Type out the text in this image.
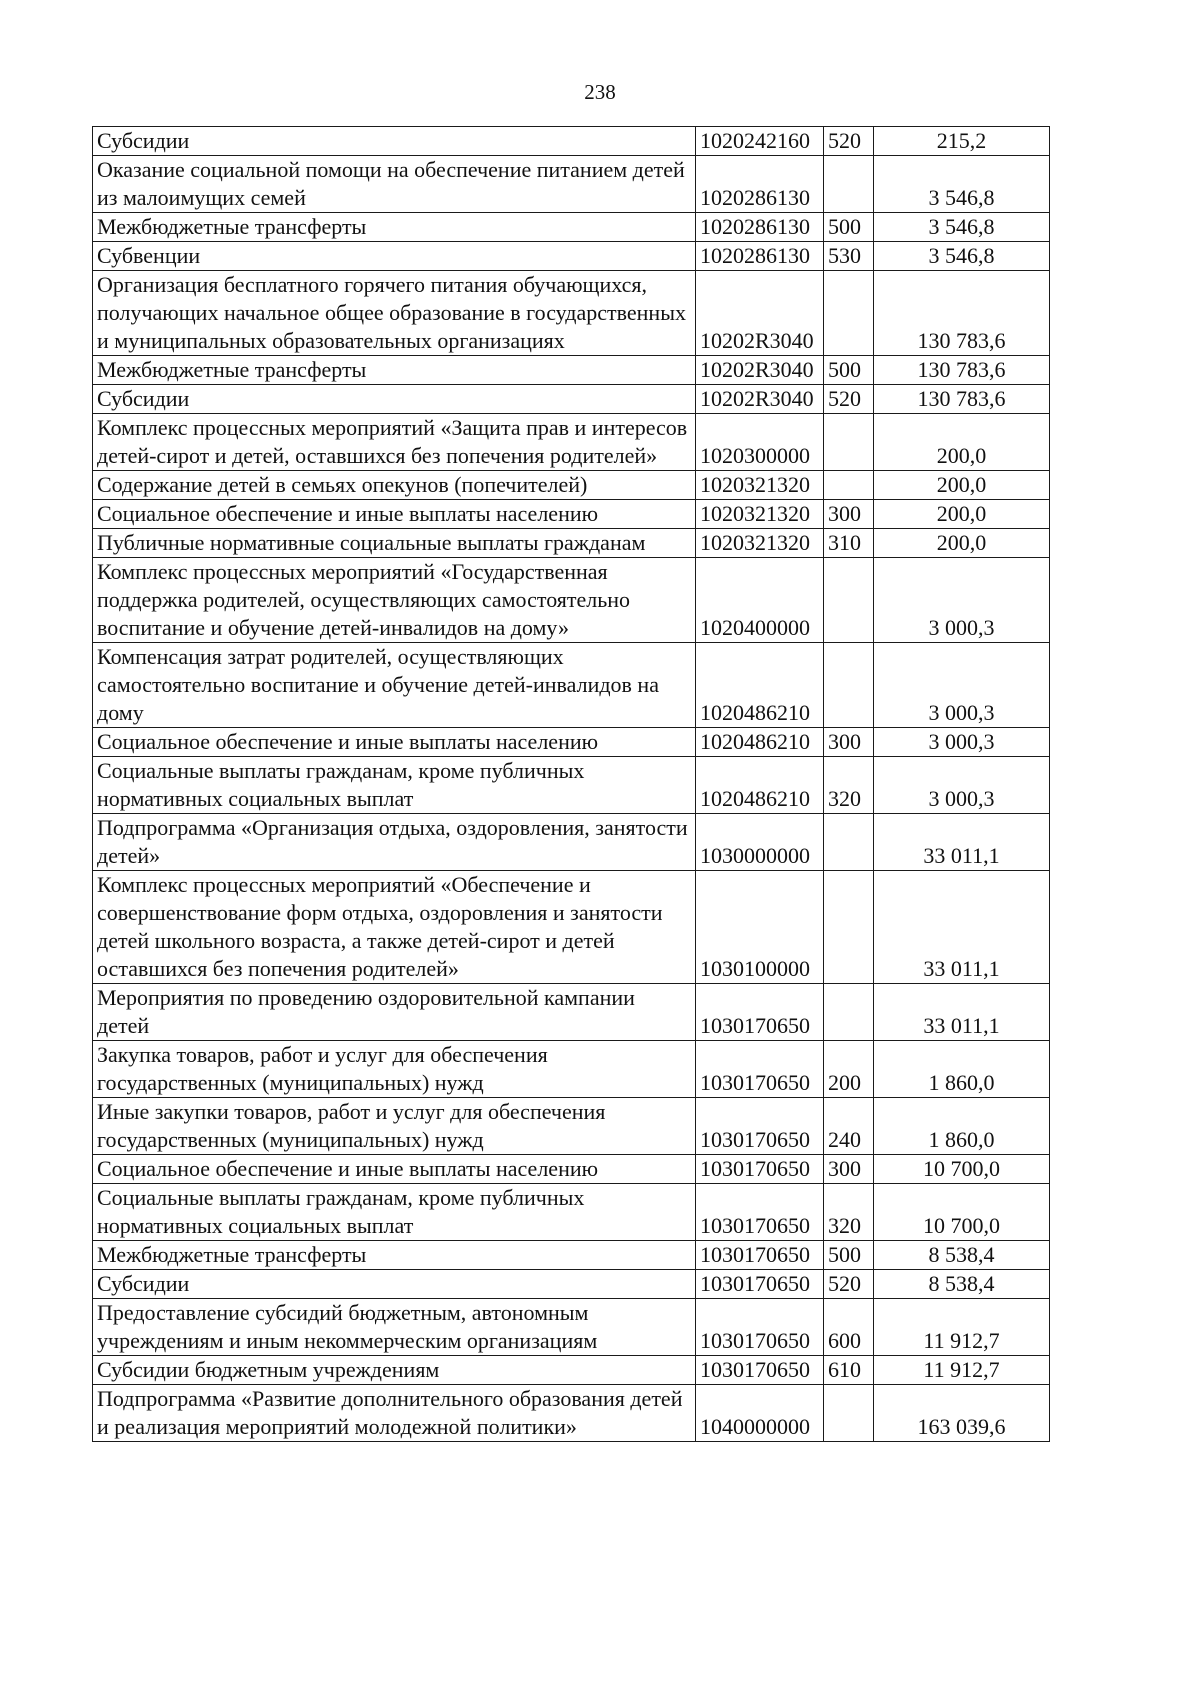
238
Субсидии	1020242160	520	215,2
Оказание социальной помощи на обеспечение питанием детей из малоимущих семей	1020286130		3 546,8
Межбюджетные трансферты	1020286130	500	3 546,8
Субвенции	1020286130	530	3 546,8
Организация бесплатного горячего питания обучающихся, получающих начальное общее образование в государственных и муниципальных образовательных организациях	10202R3040		130 783,6
Межбюджетные трансферты	10202R3040	500	130 783,6
Субсидии	10202R3040	520	130 783,6
Комплекс процессных мероприятий «Защита прав и интересов детей-сирот и детей, оставшихся без попечения родителей»	1020300000		200,0
Содержание детей в семьях опекунов (попечителей)	1020321320		200,0
Социальное обеспечение и иные выплаты населению	1020321320	300	200,0
Публичные нормативные социальные выплаты гражданам	1020321320	310	200,0
Комплекс процессных мероприятий «Государственная поддержка родителей, осуществляющих самостоятельно воспитание и обучение детей-инвалидов на дому»	1020400000		3 000,3
Компенсация затрат родителей, осуществляющих самостоятельно воспитание и обучение детей-инвалидов на дому	1020486210		3 000,3
Социальное обеспечение и иные выплаты населению	1020486210	300	3 000,3
Социальные выплаты гражданам, кроме публичных нормативных социальных выплат	1020486210	320	3 000,3
Подпрограмма «Организация отдыха, оздоровления, занятости детей»	1030000000		33 011,1
Комплекс процессных мероприятий «Обеспечение и совершенствование форм отдыха, оздоровления и занятости детей школьного возраста, а также детей-сирот и детей оставшихся без попечения родителей»	1030100000		33 011,1
Мероприятия по проведению оздоровительной кампании детей	1030170650		33 011,1
Закупка товаров, работ и услуг для обеспечения государственных (муниципальных) нужд	1030170650	200	1 860,0
Иные закупки товаров, работ и услуг для обеспечения государственных (муниципальных) нужд	1030170650	240	1 860,0
Социальное обеспечение и иные выплаты населению	1030170650	300	10 700,0
Социальные выплаты гражданам, кроме публичных нормативных социальных выплат	1030170650	320	10 700,0
Межбюджетные трансферты	1030170650	500	8 538,4
Субсидии	1030170650	520	8 538,4
Предоставление субсидий бюджетным, автономным учреждениям и иным некоммерческим организациям	1030170650	600	11 912,7
Субсидии бюджетным учреждениям	1030170650	610	11 912,7
Подпрограмма «Развитие дополнительного образования детей и реализация мероприятий молодежной политики»	1040000000		163 039,6
